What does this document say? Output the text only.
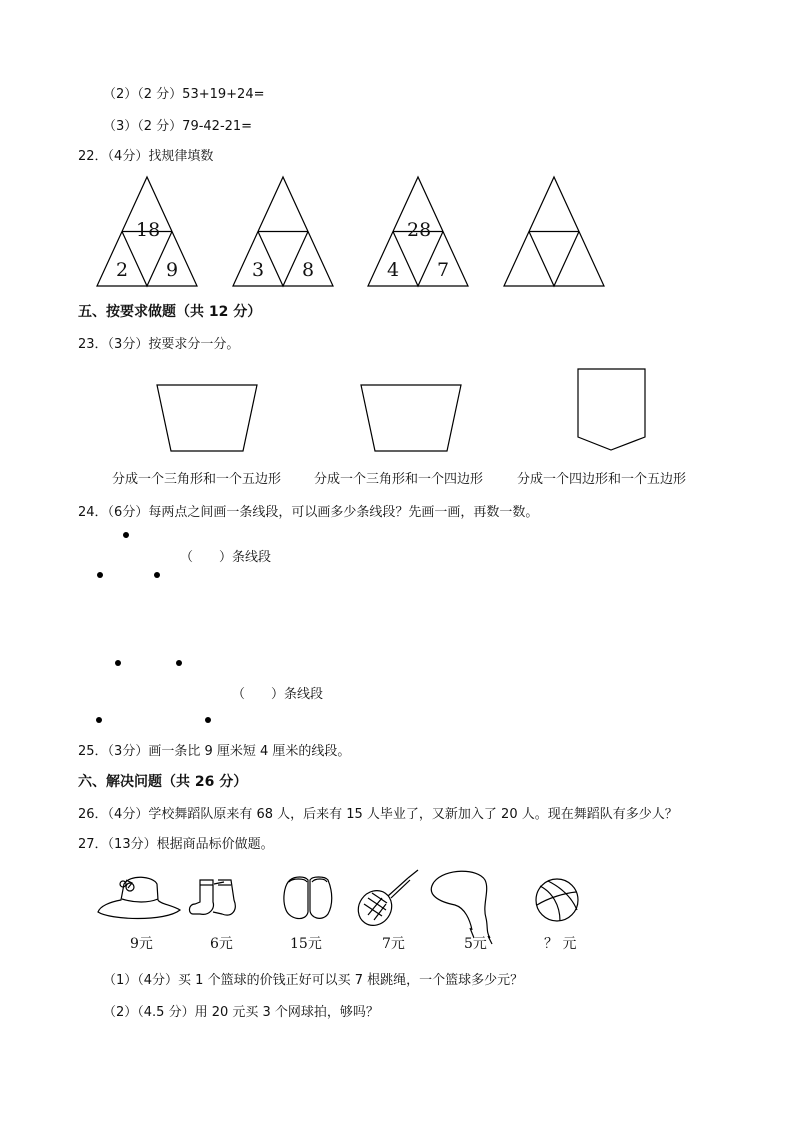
（2）（2 分）53+19+24=
（3）（2 分）79-42-21=
22．（4分）找规律填数
五、按要求做题（共 12 分）
23．（3分）按要求分一分。
24．（6分）每两点之间画一条线段，可以画多少条线段？先画一画，再数一数。
25．（3分）画一条比 9 厘米短 4 厘米的线段。
六、解决问题（共 26 分）
26．（4分）学校舞蹈队原来有 68 人，后来有 15 人毕业了，又新加入了 20 人。现在舞蹈队有多少人？
27．（13分）根据商品标价做题。
（1）（4分）买 1 个篮球的价钱正好可以买 7 根跳绳，一个篮球多少元？
（2）（4.5 分）用 20 元买 3 个网球拍，够吗？
18
2 9	3 8
28
4 7
分成一个三角形和一个五边形	分成一个三角形和一个四边形	分成一个四边形和一个五边形
（　　）条线段
（　　）条线段
9元	6元	15元	7元	5元	？ 元
